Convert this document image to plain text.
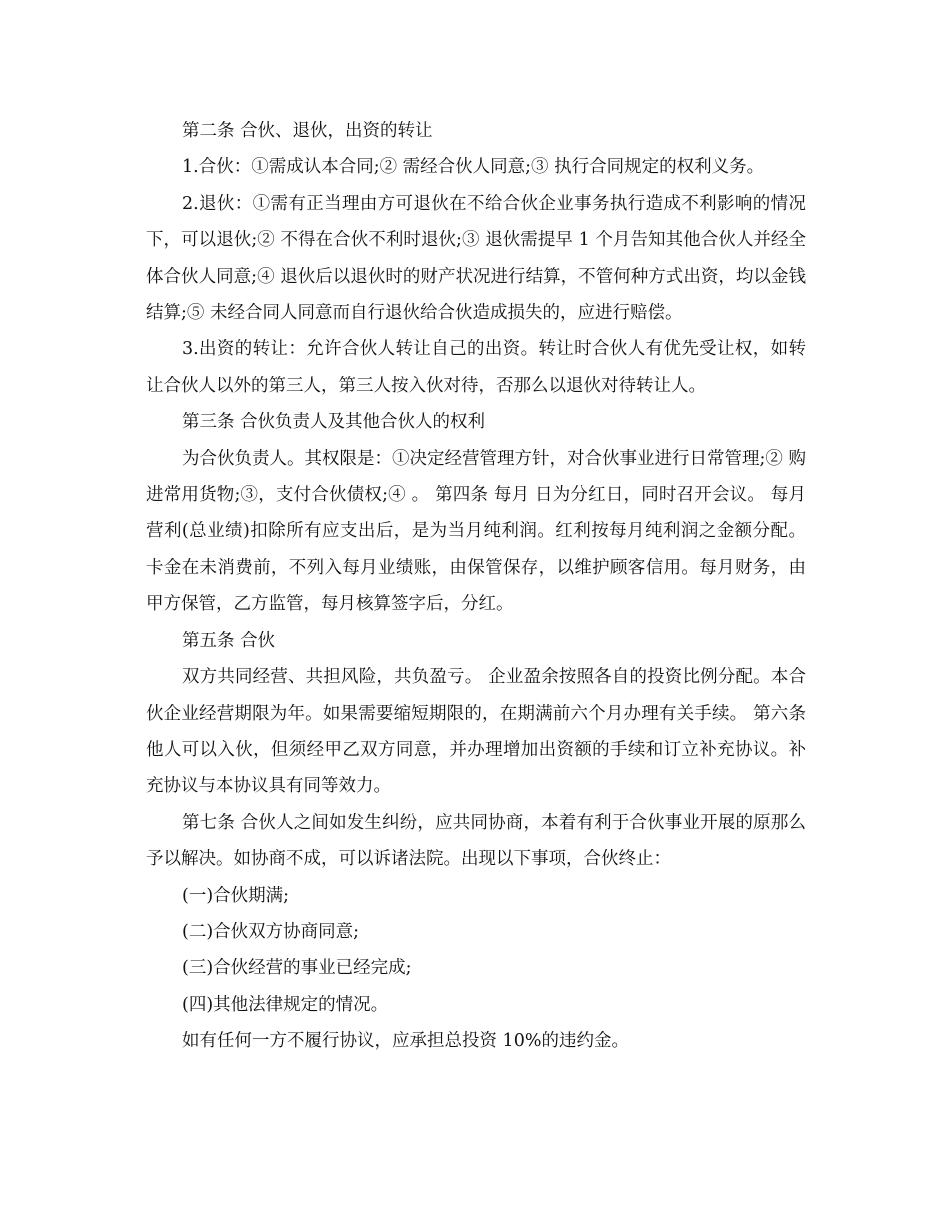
第二条 合伙、退伙，出资的转让

1.合伙：①需成认本合同;② 需经合伙人同意;③ 执行合同规定的权利义务。

2.退伙：①需有正当理由方可退伙在不给合伙企业事务执行造成不利影响的情况下，可以退伙;② 不得在合伙不利时退伙;③ 退伙需提早 1 个月告知其他合伙人并经全体合伙人同意;④ 退伙后以退伙时的财产状况进行结算，不管何种方式出资，均以金钱结算;⑤ 未经合同人同意而自行退伙给合伙造成损失的，应进行赔偿。

3.出资的转让：允许合伙人转让自己的出资。转让时合伙人有优先受让权，如转让合伙人以外的第三人，第三人按入伙对待，否那么以退伙对待转让人。

第三条 合伙负责人及其他合伙人的权利

为合伙负责人。其权限是：①决定经营管理方针，对合伙事业进行日常管理;② 购进常用货物;③，支付合伙债权;④ 。 第四条 每月 日为分红日，同时召开会议。 每月营利(总业绩)扣除所有应支出后，是为当月纯利润。红利按每月纯利润之金额分配。卡金在未消费前，不列入每月业绩账，由保管保存，以维护顾客信用。每月财务，由甲方保管，乙方监管，每月核算签字后，分红。

第五条 合伙

双方共同经营、共担风险，共负盈亏。 企业盈余按照各自的投资比例分配。本合伙企业经营期限为年。如果需要缩短期限的，在期满前六个月办理有关手续。 第六条 他人可以入伙，但须经甲乙双方同意，并办理增加出资额的手续和订立补充协议。补充协议与本协议具有同等效力。

第七条 合伙人之间如发生纠纷，应共同协商，本着有利于合伙事业开展的原那么予以解决。如协商不成，可以诉诸法院。出现以下事项，合伙终止：

(一)合伙期满;

(二)合伙双方协商同意;

(三)合伙经营的事业已经完成;

(四)其他法律规定的情况。

如有任何一方不履行协议，应承担总投资 10%的违约金。
